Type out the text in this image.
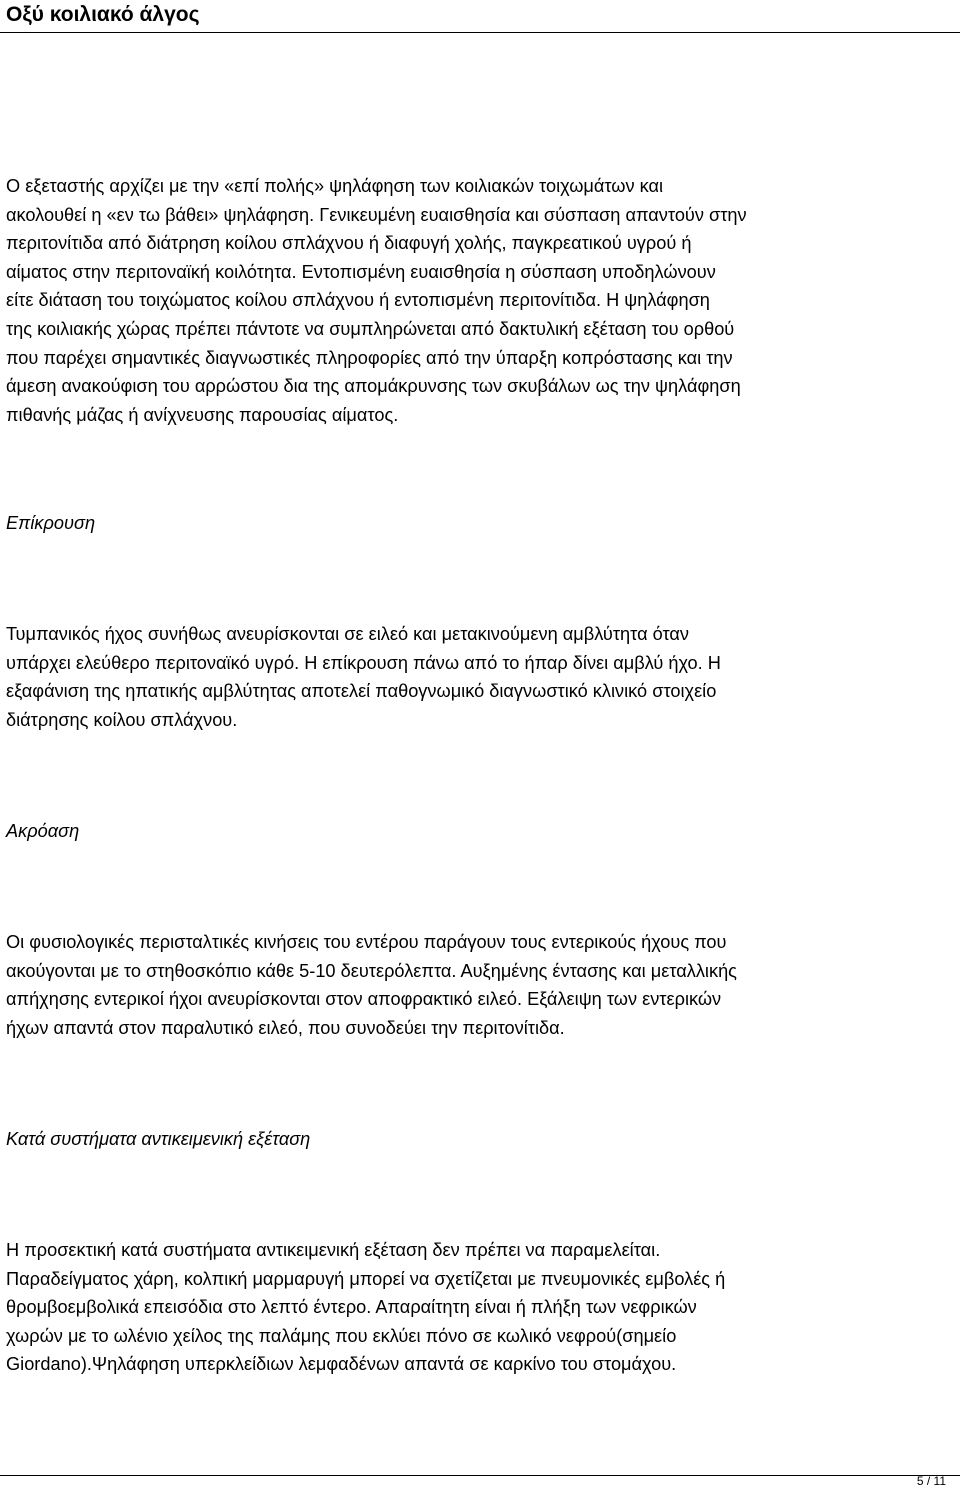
Οξύ κοιλιακό άλγος
Ο εξεταστής αρχίζει με την «επί πολής» ψηλάφηση των κοιλιακών τοιχωμάτων και
ακολουθεί η «εν τω βάθει» ψηλάφηση. Γενικευμένη ευαισθησία και σύσπαση απαντούν στην
περιτονίτιδα από διάτρηση κοίλου σπλάχνου ή διαφυγή χολής, παγκρεατικού υγρού ή
αίματος στην περιτοναϊκή κοιλότητα. Εντοπισμένη ευαισθησία η σύσπαση υποδηλώνουν
είτε διάταση του τοιχώματος κοίλου σπλάχνου ή εντοπισμένη περιτονίτιδα. Η ψηλάφηση
της κοιλιακής χώρας πρέπει πάντοτε να συμπληρώνεται από δακτυλική εξέταση του ορθού
που παρέχει σημαντικές διαγνωστικές πληροφορίες από την ύπαρξη κοπρόστασης και την
άμεση ανακούφιση του αρρώστου δια της απομάκρυνσης των σκυβάλων ως την ψηλάφηση
πιθανής μάζας ή ανίχνευσης παρουσίας αίματος.
Επίκρουση
Τυμπανικός ήχος συνήθως ανευρίσκονται σε ειλεό και μετακινούμενη αμβλύτητα όταν
υπάρχει ελεύθερο περιτοναϊκό υγρό. Η επίκρουση πάνω από το ήπαρ δίνει αμβλύ ήχο. Η
εξαφάνιση της ηπατικής αμβλύτητας αποτελεί παθογνωμικό διαγνωστικό κλινικό στοιχείο
διάτρησης κοίλου σπλάχνου.
Ακρόαση
Οι φυσιολογικές περισταλτικές κινήσεις του εντέρου παράγουν τους εντερικούς ήχους που
ακούγονται με το στηθοσκόπιο κάθε 5-10 δευτερόλεπτα. Αυξημένης έντασης και μεταλλικής
απήχησης εντερικοί ήχοι ανευρίσκονται στον αποφρακτικό ειλεό. Εξάλειψη των εντερικών
ήχων απαντά στον παραλυτικό ειλεό, που συνοδεύει την περιτονίτιδα.
Κατά συστήματα αντικειμενική εξέταση
Η προσεκτική κατά συστήματα αντικειμενική εξέταση δεν πρέπει να παραμελείται.
Παραδείγματος χάρη, κολπική μαρμαρυγή μπορεί να σχετίζεται με πνευμονικές εμβολές ή
θρομβοεμβολικά επεισόδια στο λεπτό έντερο. Απαραίτητη είναι ή πλήξη των νεφρικών
χωρών με το ωλένιο χείλος της παλάμης που εκλύει πόνο σε κωλικό νεφρού(σημείο
Giordano).Ψηλάφηση υπερκλείδιων λεμφαδένων απαντά σε καρκίνο του στομάχου.
5 / 11
